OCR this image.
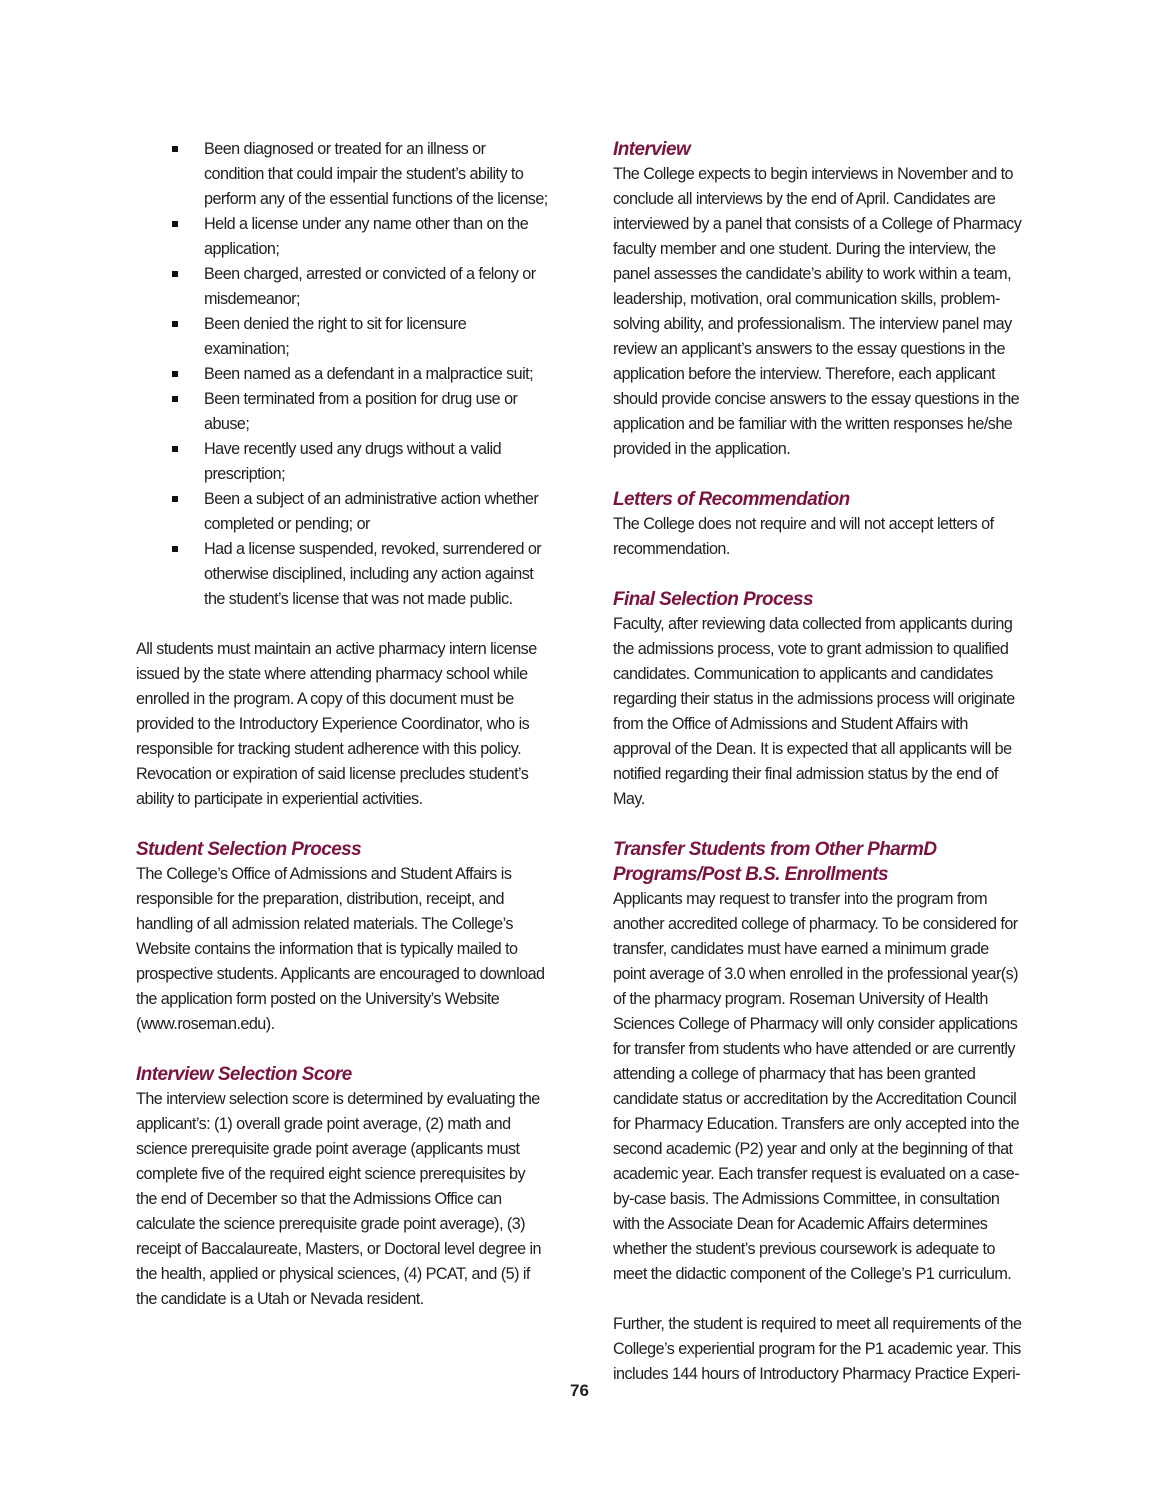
Been diagnosed or treated for an illness or condition that could impair the student’s ability to perform any of the essential functions of the license;
Held a license under any name other than on the application;
Been charged, arrested or convicted of a felony or misdemeanor;
Been denied the right to sit for licensure examination;
Been named as a defendant in a malpractice suit;
Been terminated from a position for drug use or abuse;
Have recently used any drugs without a valid prescription;
Been a subject of an administrative action whether completed or pending; or
Had a license suspended, revoked, surrendered or otherwise disciplined, including any action against the student’s license that was not made public.

All students must maintain an active pharmacy intern license issued by the state where attending pharmacy school while enrolled in the program. A copy of this document must be provided to the Introductory Experience Coordinator, who is responsible for tracking student adherence with this policy. Revocation or expiration of said license precludes student’s ability to participate in experiential activities.

Student Selection Process

The College’s Office of Admissions and Student Affairs is responsible for the preparation, distribution, receipt, and handling of all admission related materials. The College’s Website contains the information that is typically mailed to prospective students. Applicants are encouraged to download the application form posted on the University’s Website (www.roseman.edu).

Interview Selection Score

The interview selection score is determined by evaluating the applicant’s: (1) overall grade point average, (2) math and science prerequisite grade point average (applicants must complete five of the required eight science prerequisites by the end of December so that the Admissions Office can calculate the science prerequisite grade point average), (3) receipt of Baccalaureate, Masters, or Doctoral level degree in the health, applied or physical sciences, (4) PCAT, and (5) if the candidate is a Utah or Nevada resident.

Interview

The College expects to begin interviews in November and to conclude all interviews by the end of April. Candidates are interviewed by a panel that consists of a College of Pharmacy faculty member and one student. During the interview, the panel assesses the candidate’s ability to work within a team, leadership, motivation, oral communication skills, problem-solving ability, and professionalism. The interview panel may review an applicant’s answers to the essay questions in the application before the interview. Therefore, each applicant should provide concise answers to the essay questions in the application and be familiar with the written responses he/she provided in the application.

Letters of Recommendation

The College does not require and will not accept letters of recommendation.

Final Selection Process

Faculty, after reviewing data collected from applicants during the admissions process, vote to grant admission to qualified candidates. Communication to applicants and candidates regarding their status in the admissions process will originate from the Office of Admissions and Student Affairs with approval of the Dean. It is expected that all applicants will be notified regarding their final admission status by the end of May.

Transfer Students from Other PharmD Programs/Post B.S. Enrollments

Applicants may request to transfer into the program from another accredited college of pharmacy. To be considered for transfer, candidates must have earned a minimum grade point average of 3.0 when enrolled in the professional year(s) of the pharmacy program. Roseman University of Health Sciences College of Pharmacy will only consider applications for transfer from students who have attended or are currently attending a college of pharmacy that has been granted candidate status or accreditation by the Accreditation Council for Pharmacy Education. Transfers are only accepted into the second academic (P2) year and only at the beginning of that academic year. Each transfer request is evaluated on a case-by-case basis. The Admissions Committee, in consultation with the Associate Dean for Academic Affairs determines whether the student’s previous coursework is adequate to meet the didactic component of the College’s P1 curriculum.

Further, the student is required to meet all requirements of the College’s experiential program for the P1 academic year. This includes 144 hours of Introductory Pharmacy Practice Experi-

76
